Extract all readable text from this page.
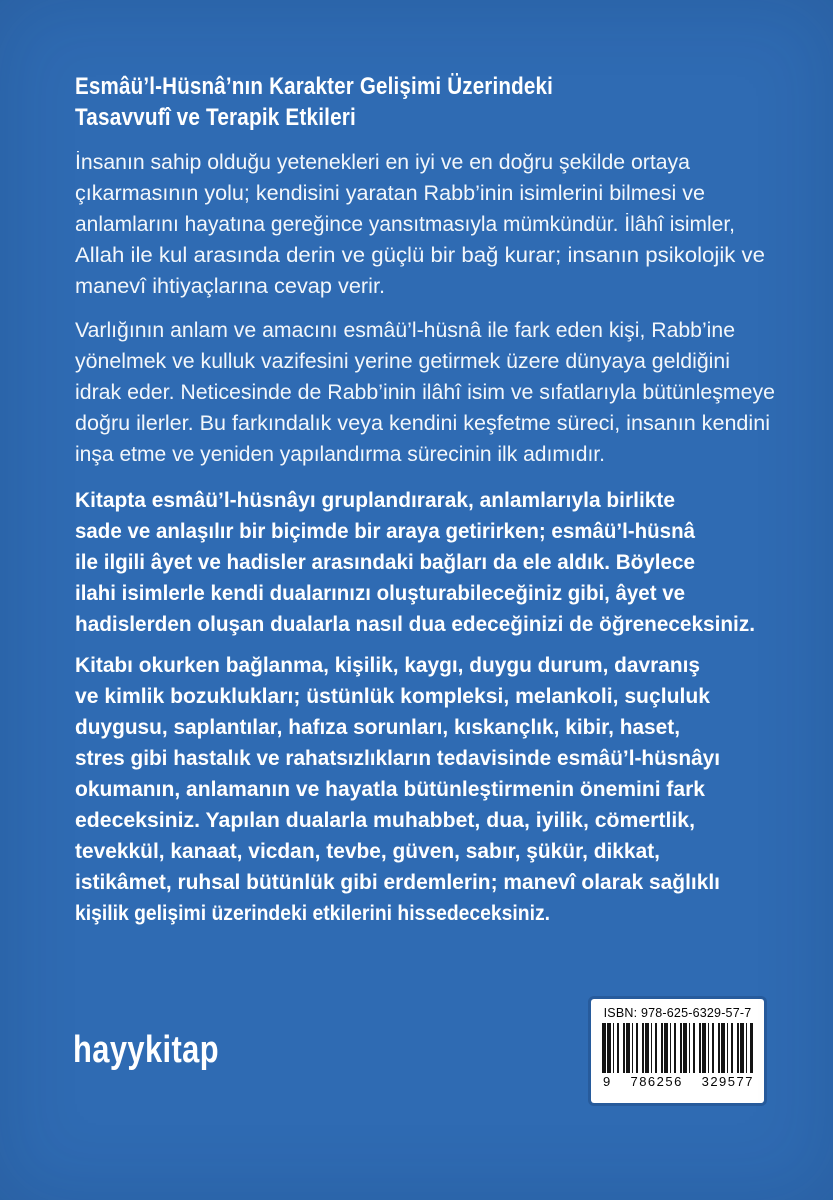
Esmâü’l-Hüsnâ’nın Karakter Gelişimi Üzerindeki
Tasavvufî ve Terapik Etkileri
İnsanın sahip olduğu yetenekleri en iyi ve en doğru şekilde ortaya
çıkarmasının yolu; kendisini yaratan Rabb’inin isimlerini bilmesi ve
anlamlarını hayatına gereğince yansıtmasıyla mümkündür. İlâhî isimler,
Allah ile kul arasında derin ve güçlü bir bağ kurar; insanın psikolojik ve
manevî ihtiyaçlarına cevap verir.
Varlığının anlam ve amacını esmâü’l-hüsnâ ile fark eden kişi, Rabb’ine
yönelmek ve kulluk vazifesini yerine getirmek üzere dünyaya geldiğini
idrak eder. Neticesinde de Rabb’inin ilâhî isim ve sıfatlarıyla bütünleşmeye
doğru ilerler. Bu farkındalık veya kendini keşfetme süreci, insanın kendini
inşa etme ve yeniden yapılandırma sürecinin ilk adımıdır.
Kitapta esmâü’l-hüsnâyı gruplandırarak, anlamlarıyla birlikte
sade ve anlaşılır bir biçimde bir araya getirirken; esmâü’l-hüsnâ
ile ilgili âyet ve hadisler arasındaki bağları da ele aldık. Böylece
ilahi isimlerle kendi dualarınızı oluşturabileceğiniz gibi, âyet ve
hadislerden oluşan dualarla nasıl dua edeceğinizi de öğreneceksiniz.
Kitabı okurken bağlanma, kişilik, kaygı, duygu durum, davranış
ve kimlik bozuklukları; üstünlük kompleksi, melankoli, suçluluk
duygusu, saplantılar, hafıza sorunları, kıskançlık, kibir, haset,
stres gibi hastalık ve rahatsızlıkların tedavisinde esmâü’l-hüsnâyı
okumanın, anlamanın ve hayatla bütünleştirmenin önemini fark
edeceksiniz. Yapılan dualarla muhabbet, dua, iyilik, cömertlik,
tevekkül, kanaat, vicdan, tevbe, güven, sabır, şükür, dikkat,
istikâmet, ruhsal bütünlük gibi erdemlerin; manevî olarak sağlıklı
kişilik gelişimi üzerindeki etkilerini hissedeceksiniz.
hayykitap
ISBN: 978-625-6329-57-7
9 786256 329577
